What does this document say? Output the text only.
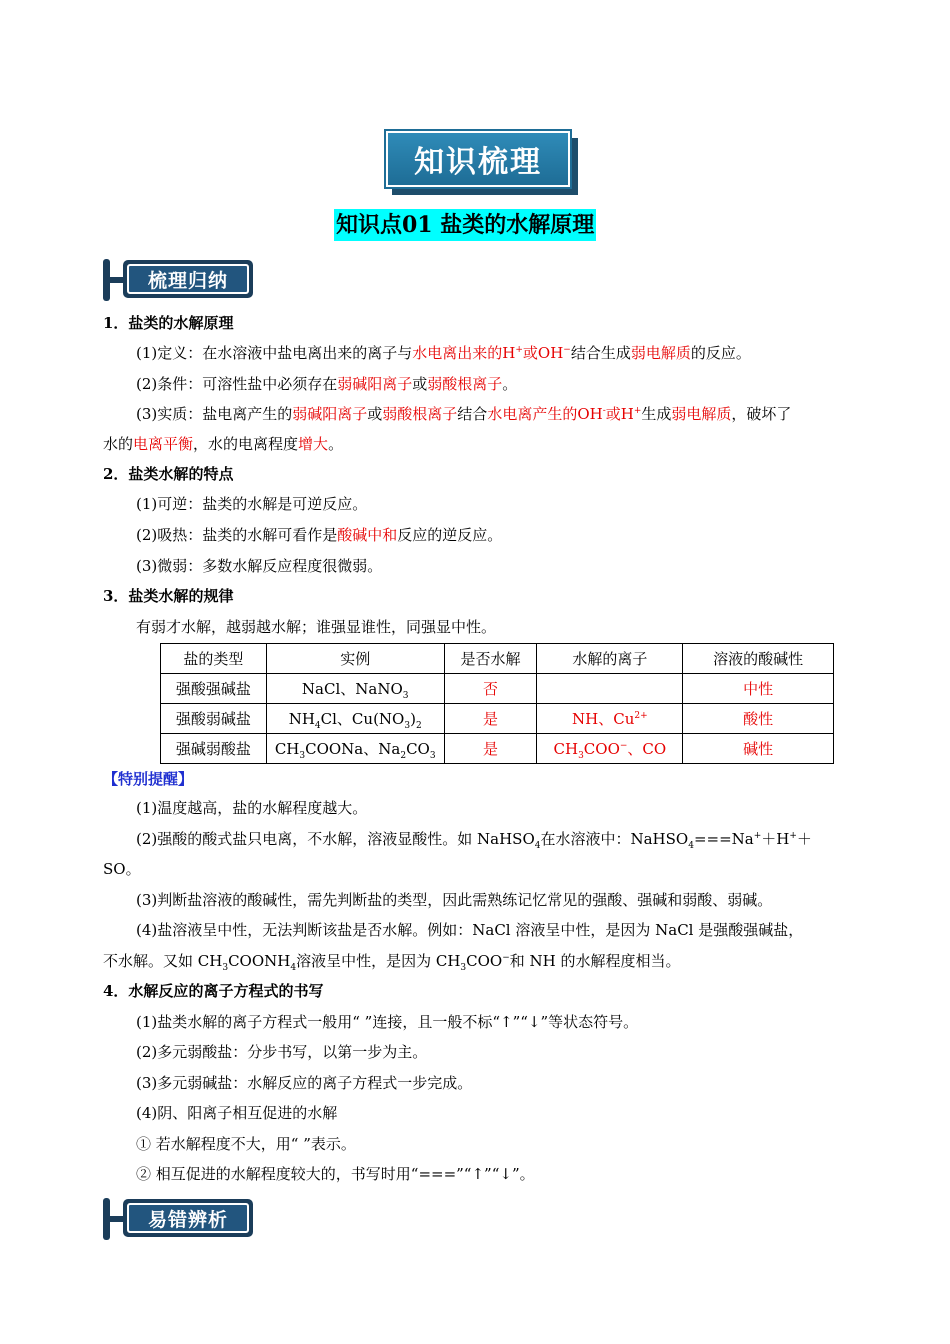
知识梳理
知识点01 盐类的水解原理
梳理归纳
1．盐类的水解原理
(1)定义：在水溶液中盐电离出来的离子与水电离出来的H+或OH−结合生成弱电解质的反应。
(2)条件：可溶性盐中必须存在弱碱阳离子或弱酸根离子。
(3)实质：盐电离产生的弱碱阳离子或弱酸根离子结合水电离产生的OH-或H+生成弱电解质，破坏了
水的电离平衡，水的电离程度增大。
2．盐类水解的特点
(1)可逆：盐类的水解是可逆反应。
(2)吸热：盐类的水解可看作是酸碱中和反应的逆反应。
(3)微弱：多数水解反应程度很微弱。
3．盐类水解的规律
有弱才水解，越弱越水解；谁强显谁性，同强显中性。
盐的类型	实例	是否水解	水解的离子	溶液的酸碱性
强酸强碱盐	NaCl、NaNO$_3$	否		中性
强酸弱碱盐	$NH_4Cl$、$Cu(NO_3)_2$	是	NH、$Cu^{2+}$	酸性
强碱弱酸盐	$CH_3COONa$、$Na_2CO_3$	是	$CH_3COO^-$、CO	碱性
【特别提醒】
(1)温度越高，盐的水解程度越大。
(2)强酸的酸式盐只电离，不水解，溶液显酸性。如 NaHSO$_4$在水溶液中：NaHSO$_4$===Na+＋H+＋
SO。
(3)判断盐溶液的酸碱性，需先判断盐的类型，因此需熟练记忆常见的强酸、强碱和弱酸、弱碱。
(4)盐溶液呈中性，无法判断该盐是否水解。例如：NaCl 溶液呈中性，是因为 NaCl 是强酸强碱盐，
不水解。又如 $CH_3COONH_4$溶液呈中性，是因为 $CH_3COO^-$和 NH 的水解程度相当。
4．水解反应的离子方程式的书写
(1)盐类水解的离子方程式一般用“ ”连接，且一般不标“↑”“↓”等状态符号。
(2)多元弱酸盐：分步书写，以第一步为主。
(3)多元弱碱盐：水解反应的离子方程式一步完成。
(4)阴、阳离子相互促进的水解
① 若水解程度不大，用“ ”表示。
② 相互促进的水解程度较大的，书写时用“===”“↑”“↓”。
易错辨析
